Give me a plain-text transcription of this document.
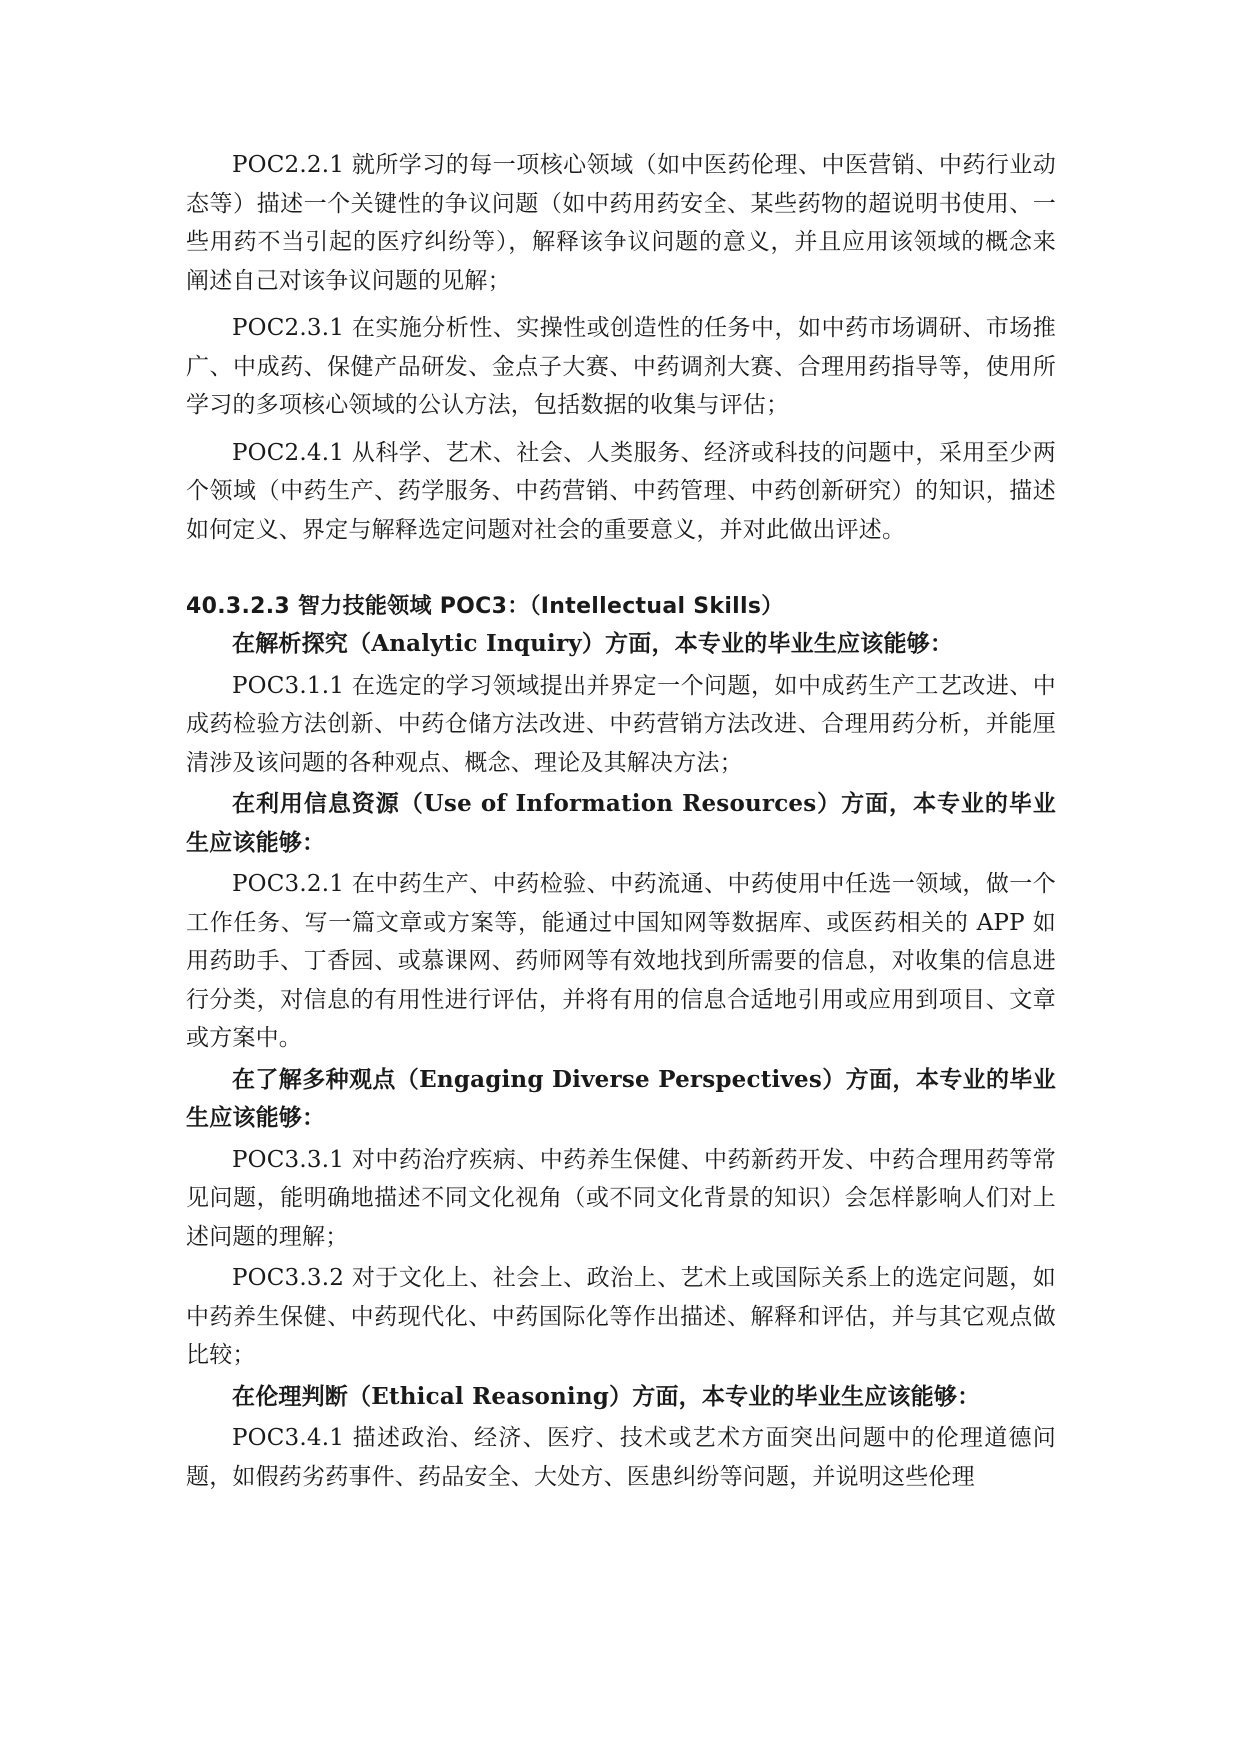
POC2.2.1 就所学习的每一项核心领域（如中医药伦理、中医营销、中药行业动态等）描述一个关键性的争议问题（如中药用药安全、某些药物的超说明书使用、一些用药不当引起的医疗纠纷等），解释该争议问题的意义，并且应用该领域的概念来阐述自己对该争议问题的见解；

POC2.3.1 在实施分析性、实操性或创造性的任务中，如中药市场调研、市场推广、中成药、保健产品研发、金点子大赛、中药调剂大赛、合理用药指导等，使用所学习的多项核心领域的公认方法，包括数据的收集与评估；

POC2.4.1 从科学、艺术、社会、人类服务、经济或科技的问题中，采用至少两个领域（中药生产、药学服务、中药营销、中药管理、中药创新研究）的知识，描述如何定义、界定与解释选定问题对社会的重要意义，并对此做出评述。

40.3.2.3 智力技能领域 POC3：（Intellectual Skills）

在解析探究（Analytic Inquiry）方面，本专业的毕业生应该能够：

POC3.1.1 在选定的学习领域提出并界定一个问题，如中成药生产工艺改进、中成药检验方法创新、中药仓储方法改进、中药营销方法改进、合理用药分析，并能厘清涉及该问题的各种观点、概念、理论及其解决方法；

在利用信息资源（Use of Information Resources）方面，本专业的毕业生应该能够：

POC3.2.1 在中药生产、中药检验、中药流通、中药使用中任选一领域，做一个工作任务、写一篇文章或方案等，能通过中国知网等数据库、或医药相关的 APP 如用药助手、丁香园、或慕课网、药师网等有效地找到所需要的信息，对收集的信息进行分类，对信息的有用性进行评估，并将有用的信息合适地引用或应用到项目、文章或方案中。

在了解多种观点（Engaging Diverse Perspectives）方面，本专业的毕业生应该能够：

POC3.3.1 对中药治疗疾病、中药养生保健、中药新药开发、中药合理用药等常见问题，能明确地描述不同文化视角（或不同文化背景的知识）会怎样影响人们对上述问题的理解；

POC3.3.2 对于文化上、社会上、政治上、艺术上或国际关系上的选定问题，如中药养生保健、中药现代化、中药国际化等作出描述、解释和评估，并与其它观点做比较；

在伦理判断（Ethical Reasoning）方面，本专业的毕业生应该能够：

POC3.4.1 描述政治、经济、医疗、技术或艺术方面突出问题中的伦理道德问题，如假药劣药事件、药品安全、大处方、医患纠纷等问题，并说明这些伦理
